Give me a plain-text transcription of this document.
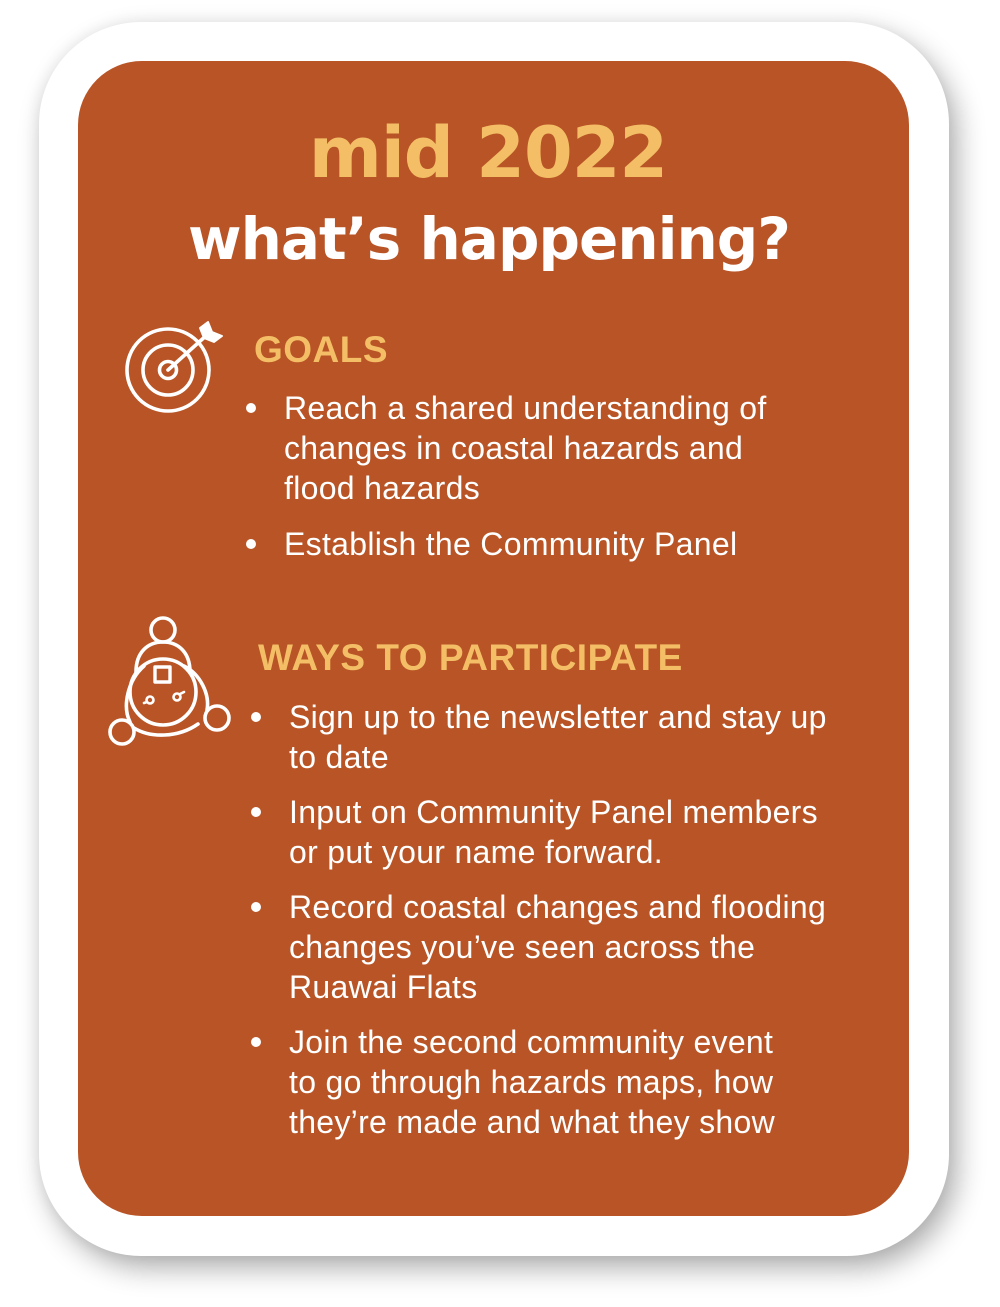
mid 2022
what’s happening?
GOALS
Reach a shared understanding of
changes in coastal hazards and
flood hazards
Establish the Community Panel
WAYS TO PARTICIPATE
Sign up to the newsletter and stay up
to date
Input on Community Panel members
or put your name forward.
Record coastal changes and flooding
changes you’ve seen across the
Ruawai Flats
Join the second community event
to go through hazards maps, how
they’re made and what they show
